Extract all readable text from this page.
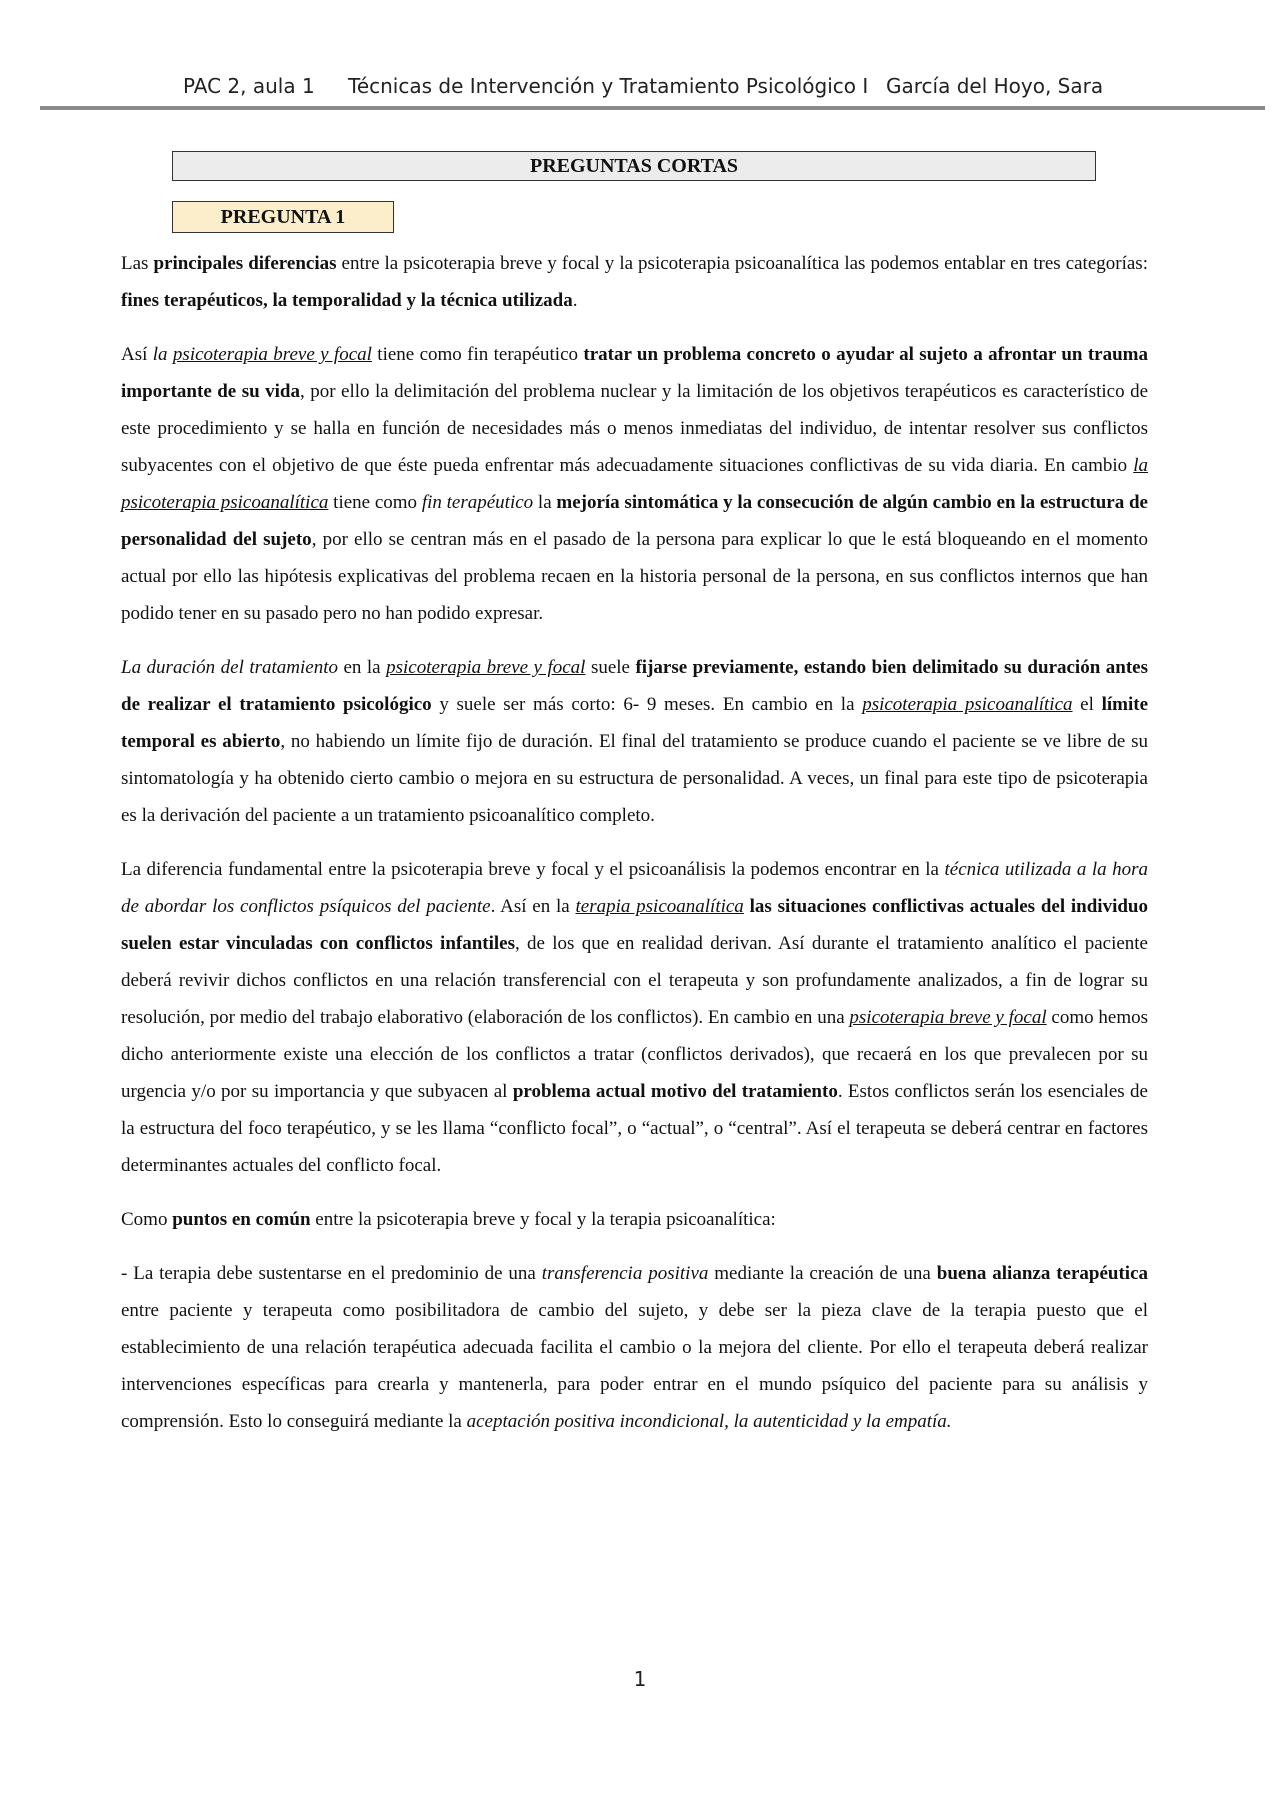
PAC 2, aula 1 Técnicas de Intervención y Tratamiento Psicológico I García del Hoyo, Sara
PREGUNTAS CORTAS
PREGUNTA 1

Las principales diferencias entre la psicoterapia breve y focal y la psicoterapia psicoanalítica las podemos entablar en tres categorías: fines terapéuticos, la temporalidad y la técnica utilizada.

Así la psicoterapia breve y focal tiene como fin terapéutico tratar un problema concreto o ayudar al sujeto a afrontar un trauma importante de su vida, por ello la delimitación del problema nuclear y la limitación de los objetivos terapéuticos es característico de este procedimiento y se halla en función de necesidades más o menos inmediatas del individuo, de intentar resolver sus conflictos subyacentes con el objetivo de que éste pueda enfrentar más adecuadamente situaciones conflictivas de su vida diaria. En cambio la psicoterapia psicoanalítica tiene como fin terapéutico la mejoría sintomática y la consecución de algún cambio en la estructura de personalidad del sujeto, por ello se centran más en el pasado de la persona para explicar lo que le está bloqueando en el momento actual por ello las hipótesis explicativas del problema recaen en la historia personal de la persona, en sus conflictos internos que han podido tener en su pasado pero no han podido expresar.

La duración del tratamiento en la psicoterapia breve y focal suele fijarse previamente, estando bien delimitado su duración antes de realizar el tratamiento psicológico y suele ser más corto: 6- 9 meses. En cambio en la psicoterapia psicoanalítica el límite temporal es abierto, no habiendo un límite fijo de duración. El final del tratamiento se produce cuando el paciente se ve libre de su sintomatología y ha obtenido cierto cambio o mejora en su estructura de personalidad. A veces, un final para este tipo de psicoterapia es la derivación del paciente a un tratamiento psicoanalítico completo.

La diferencia fundamental entre la psicoterapia breve y focal y el psicoanálisis la podemos encontrar en la técnica utilizada a la hora de abordar los conflictos psíquicos del paciente. Así en la terapia psicoanalítica las situaciones conflictivas actuales del individuo suelen estar vinculadas con conflictos infantiles, de los que en realidad derivan. Así durante el tratamiento analítico el paciente deberá revivir dichos conflictos en una relación transferencial con el terapeuta y son profundamente analizados, a fin de lograr su resolución, por medio del trabajo elaborativo (elaboración de los conflictos). En cambio en una psicoterapia breve y focal como hemos dicho anteriormente existe una elección de los conflictos a tratar (conflictos derivados), que recaerá en los que prevalecen por su urgencia y/o por su importancia y que subyacen al problema actual motivo del tratamiento. Estos conflictos serán los esenciales de la estructura del foco terapéutico, y se les llama “conflicto focal”, o “actual”, o “central”. Así el terapeuta se deberá centrar en factores determinantes actuales del conflicto focal.

Como puntos en común entre la psicoterapia breve y focal y la terapia psicoanalítica:

- La terapia debe sustentarse en el predominio de una transferencia positiva mediante la creación de una buena alianza terapéutica entre paciente y terapeuta como posibilitadora de cambio del sujeto, y debe ser la pieza clave de la terapia puesto que el establecimiento de una relación terapéutica adecuada facilita el cambio o la mejora del cliente. Por ello el terapeuta deberá realizar intervenciones específicas para crearla y mantenerla, para poder entrar en el mundo psíquico del paciente para su análisis y comprensión. Esto lo conseguirá mediante la aceptación positiva incondicional, la autenticidad y la empatía.

1
